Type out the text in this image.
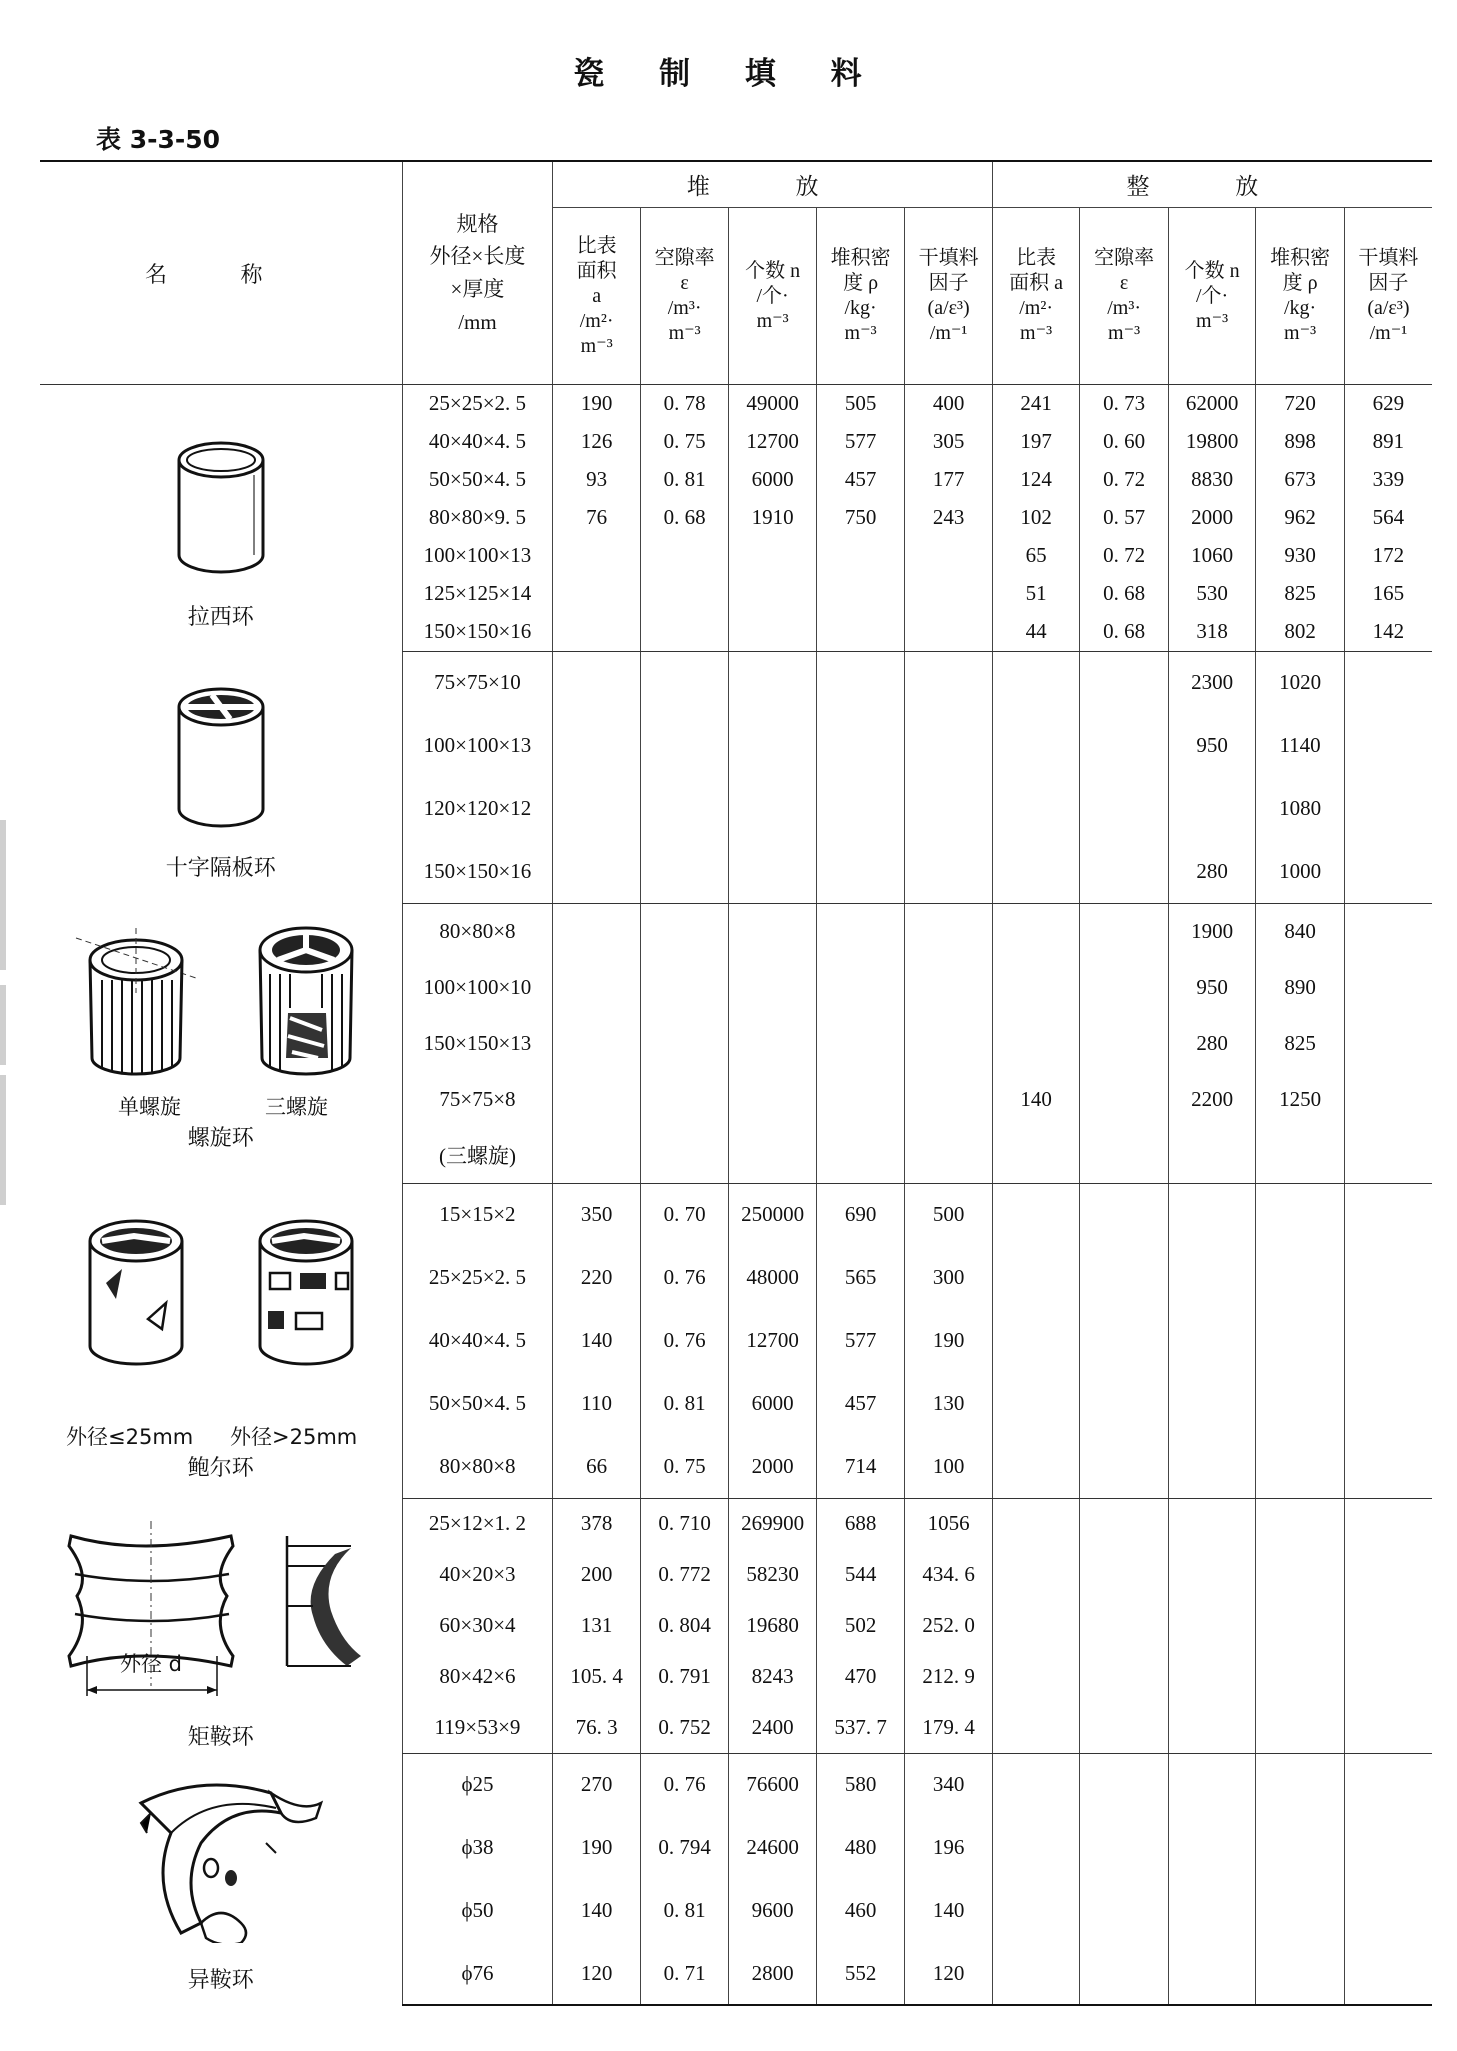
瓷 制 填 料
表 3-3-50
名 称	规格
外径×长度
×厚度
/mm	堆 放					整 放				

		比表
面积
a
/m²·
m⁻³	空隙率
ε
/m³·
m⁻³	个数 n
/个·
m⁻³	堆积密
度 ρ
/kg·
m⁻³	干填料
因子
(a/ε³)
/m⁻¹	比表
面积 a
/m²·
m⁻³	空隙率
ε
/m³·
m⁻³	个数 n
/个·
m⁻³	堆积密
度 ρ
/kg·
m⁻³	干填料
因子
(a/ε³)
/m⁻¹

拉西环	25×25×2. 5	190	0. 78	49000	505	400	241	0. 73	62000	720	629
	40×40×4. 5	126	0. 75	12700	577	305	197	0. 60	19800	898	891
	50×50×4. 5	93	0. 81	6000	457	177	124	0. 72	8830	673	339
	80×80×9. 5	76	0. 68	1910	750	243	102	0. 57	2000	962	564
	100×100×13						65	0. 72	1060	930	172
	125×125×14						51	0. 68	530	825	165
	150×150×16						44	0. 68	318	802	142

十字隔板环	75×75×10								2300	1020	
	100×100×13								950	1140	
	120×120×12									1080	
	150×150×16								280	1000	

螺旋环
单螺旋 三螺旋	80×80×8								1900	840	
	100×100×10								950	890	
	150×150×13								280	825	
	75×75×8						140		2200	1250	
	(三螺旋)										

鲍尔环
外径≤25mm 外径>25mm	15×15×2	350	0. 70	250000	690	500					
	25×25×2. 5	220	0. 76	48000	565	300					
	40×40×4. 5	140	0. 76	12700	577	190					
	50×50×4. 5	110	0. 81	6000	457	130					
	80×80×8	66	0. 75	2000	714	100					

矩鞍环
外径 d	25×12×1. 2	378	0. 710	269900	688	1056					
	40×20×3	200	0. 772	58230	544	434. 6					
	60×30×4	131	0. 804	19680	502	252. 0					
	80×42×6	105. 4	0. 791	8243	470	212. 9					
	119×53×9	76. 3	0. 752	2400	537. 7	179. 4					

异鞍环	ϕ25	270	0. 76	76600	580	340					
	ϕ38	190	0. 794	24600	480	196					
	ϕ50	140	0. 81	9600	460	140					
	ϕ76	120	0. 71	2800	552	120					
